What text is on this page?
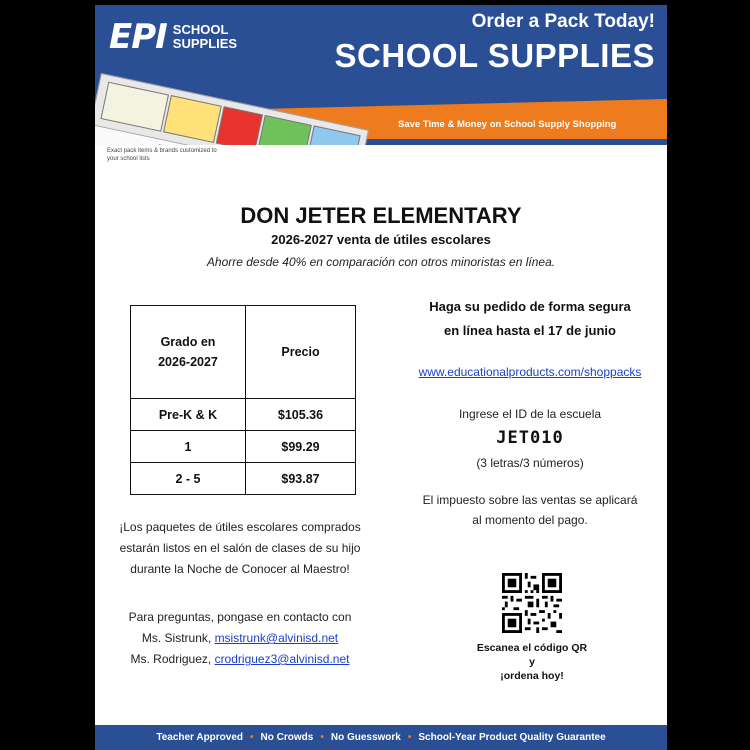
EPI SCHOOL
SUPPLIES
Order a Pack Today!
SCHOOL SUPPLIES
Save Time & Money on School Supply Shopping
Exact pack items & brands customized to your school lists
DON JETER ELEMENTARY
2026-2027 venta de útiles escolares
Ahorre desde 40% en comparación con otros minoristas en línea.
Grado en
2026-2027	Precio
Pre-K & K	$105.36
1	$99.29
2 - 5	$93.87
Haga su pedido de forma segura
en línea hasta el 17 de junio
www.educationalproducts.com/shoppacks
Ingrese el ID de la escuela
JET010
(3 letras/3 números)
El impuesto sobre las ventas se aplicará
al momento del pago.
¡Los paquetes de útiles escolares comprados
estarán listos en el salón de clases de su hijo
durante la Noche de Conocer al Maestro!
Para preguntas, pongase en contacto con
Ms. Sistrunk, msistrunk@alvinisd.net
Ms. Rodriguez, crodriguez3@alvinisd.net
Escanea el código QR
y
¡ordena hoy!
Teacher Approved • No Crowds • No Guesswork • School-Year Product Quality Guarantee
